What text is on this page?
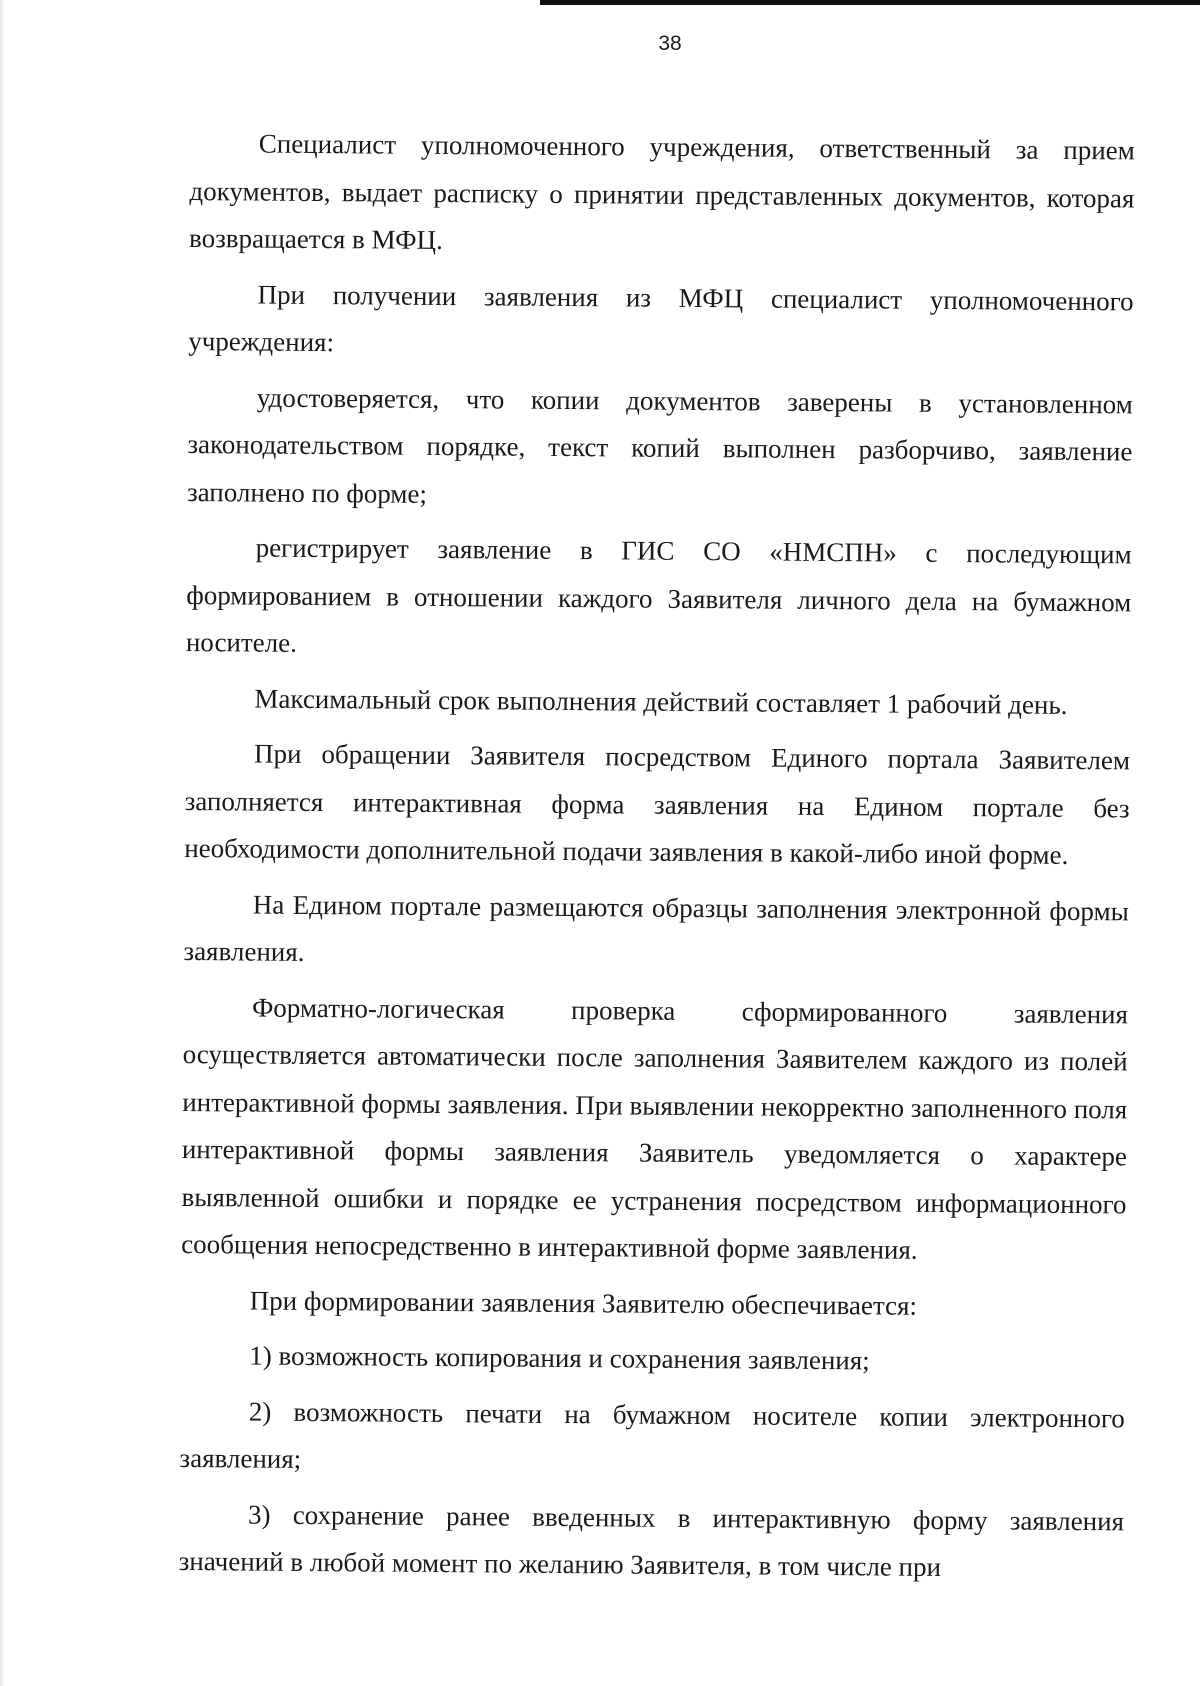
38

Специалист уполномоченного учреждения, ответственный за прием документов, выдает расписку о принятии представленных документов, которая возвращается в МФЦ.

При получении заявления из МФЦ специалист уполномоченного учреждения:

удостоверяется, что копии документов заверены в установленном законодательством порядке, текст копий выполнен разборчиво, заявление заполнено по форме;

регистрирует заявление в ГИС СО «НМСПН» с последующим формированием в отношении каждого Заявителя личного дела на бумажном носителе.

Максимальный срок выполнения действий составляет 1 рабочий день.

При обращении Заявителя посредством Единого портала Заявителем заполняется интерактивная форма заявления на Едином портале без необходимости дополнительной подачи заявления в какой-либо иной форме.

На Едином портале размещаются образцы заполнения электронной формы заявления.

Форматно-логическая проверка сформированного заявления осуществляется автоматически после заполнения Заявителем каждого из полей интерактивной формы заявления. При выявлении некорректно заполненного поля интерактивной формы заявления Заявитель уведомляется о характере выявленной ошибки и порядке ее устранения посредством информационного сообщения непосредственно в интерактивной форме заявления.

При формировании заявления Заявителю обеспечивается:

1) возможность копирования и сохранения заявления;

2) возможность печати на бумажном носителе копии электронного заявления;

3) сохранение ранее введенных в интерактивную форму заявления значений в любой момент по желанию Заявителя, в том числе при
